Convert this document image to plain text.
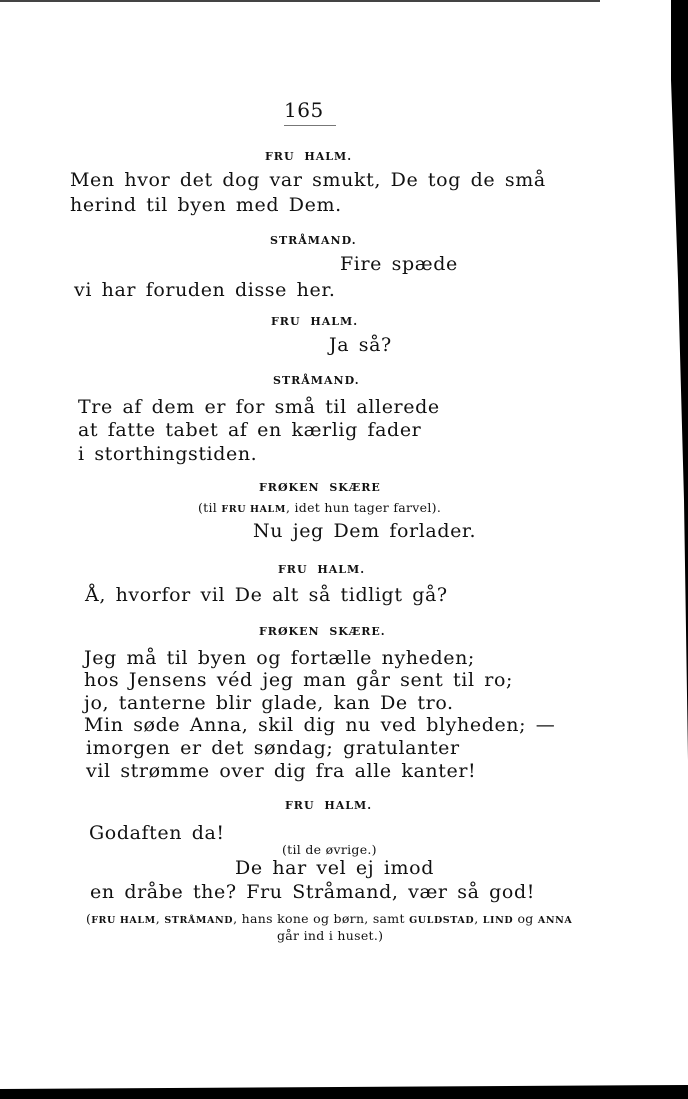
165
FRU HALM.
Men hvor det dog var smukt, De tog de små
herind til byen med Dem.
STRÅMAND.
Fire spæde
vi har foruden disse her.
FRU HALM.
Ja så?
STRÅMAND.
Tre af dem er for små til allerede
at fatte tabet af en kærlig fader
i storthingstiden.
FRØKEN SKÆRE
(til FRU HALM, idet hun tager farvel).
Nu jeg Dem forlader.
FRU HALM.
Å, hvorfor vil De alt så tidligt gå?
FRØKEN SKÆRE.
Jeg må til byen og fortælle nyheden;
hos Jensens véd jeg man går sent til ro;
jo, tanterne blir glade, kan De tro.
Min søde Anna, skil dig nu ved blyheden; —
imorgen er det søndag; gratulanter
vil strømme over dig fra alle kanter!
FRU HALM.
Godaften da!
(til de øvrige.)
De har vel ej imod
en dråbe the? Fru Stråmand, vær så god!
(FRU HALM, STRÅMAND, hans kone og børn, samt GULDSTAD, LIND og ANNA
går ind i huset.)
